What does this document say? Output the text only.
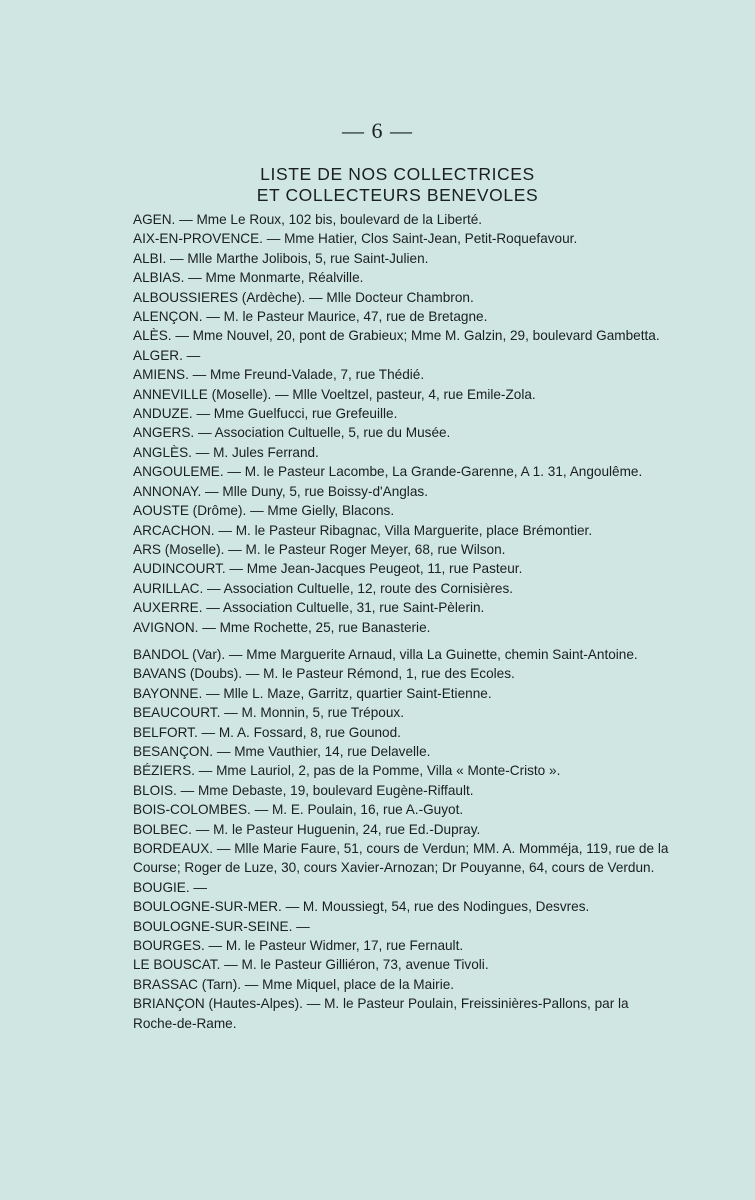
— 6 —
LISTE DE NOS COLLECTRICES
ET COLLECTEURS BENEVOLES
AGEN. — Mme Le Roux, 102 bis, boulevard de la Liberté.
AIX-EN-PROVENCE. — Mme Hatier, Clos Saint-Jean, Petit-Roquefavour.
ALBI. — Mlle Marthe Jolibois, 5, rue Saint-Julien.
ALBIAS. — Mme Monmarte, Réalville.
ALBOUSSIERES (Ardèche). — Mlle Docteur Chambron.
ALENÇON. — M. le Pasteur Maurice, 47, rue de Bretagne.
ALÈS. — Mme Nouvel, 20, pont de Grabieux; Mme M. Galzin, 29, boulevard Gambetta.
ALGER. —
AMIENS. — Mme Freund-Valade, 7, rue Thédié.
ANNEVILLE (Moselle). — Mlle Voeltzel, pasteur, 4, rue Emile-Zola.
ANDUZE. — Mme Guelfucci, rue Grefeuille.
ANGERS. — Association Cultuelle, 5, rue du Musée.
ANGLÈS. — M. Jules Ferrand.
ANGOULEME. — M. le Pasteur Lacombe, La Grande-Garenne, A 1. 31, Angoulême.
ANNONAY. — Mlle Duny, 5, rue Boissy-d'Anglas.
AOUSTE (Drôme). — Mme Gielly, Blacons.
ARCACHON. — M. le Pasteur Ribagnac, Villa Marguerite, place Brémontier.
ARS (Moselle). — M. le Pasteur Roger Meyer, 68, rue Wilson.
AUDINCOURT. — Mme Jean-Jacques Peugeot, 11, rue Pasteur.
AURILLAC. — Association Cultuelle, 12, route des Cornisières.
AUXERRE. — Association Cultuelle, 31, rue Saint-Pèlerin.
AVIGNON. — Mme Rochette, 25, rue Banasterie.
BANDOL (Var). — Mme Marguerite Arnaud, villa La Guinette, chemin Saint-Antoine.
BAVANS (Doubs). — M. le Pasteur Rémond, 1, rue des Ecoles.
BAYONNE. — Mlle L. Maze, Garritz, quartier Saint-Etienne.
BEAUCOURT. — M. Monnin, 5, rue Trépoux.
BELFORT. — M. A. Fossard, 8, rue Gounod.
BESANÇON. — Mme Vauthier, 14, rue Delavelle.
BÉZIERS. — Mme Lauriol, 2, pas de la Pomme, Villa « Monte-Cristo ».
BLOIS. — Mme Debaste, 19, boulevard Eugène-Riffault.
BOIS-COLOMBES. — M. E. Poulain, 16, rue A.-Guyot.
BOLBEC. — M. le Pasteur Huguenin, 24, rue Ed.-Dupray.
BORDEAUX. — Mlle Marie Faure, 51, cours de Verdun; MM. A. Momméja, 119, rue de la Course; Roger de Luze, 30, cours Xavier-Arnozan; Dr Pouyanne, 64, cours de Verdun.
BOUGIE. —
BOULOGNE-SUR-MER. — M. Moussiegt, 54, rue des Nodingues, Desvres.
BOULOGNE-SUR-SEINE. —
BOURGES. — M. le Pasteur Widmer, 17, rue Fernault.
LE BOUSCAT. — M. le Pasteur Gilliéron, 73, avenue Tivoli.
BRASSAC (Tarn). — Mme Miquel, place de la Mairie.
BRIANÇON (Hautes-Alpes). — M. le Pasteur Poulain, Freissinières-Pallons, par la Roche-de-Rame.
